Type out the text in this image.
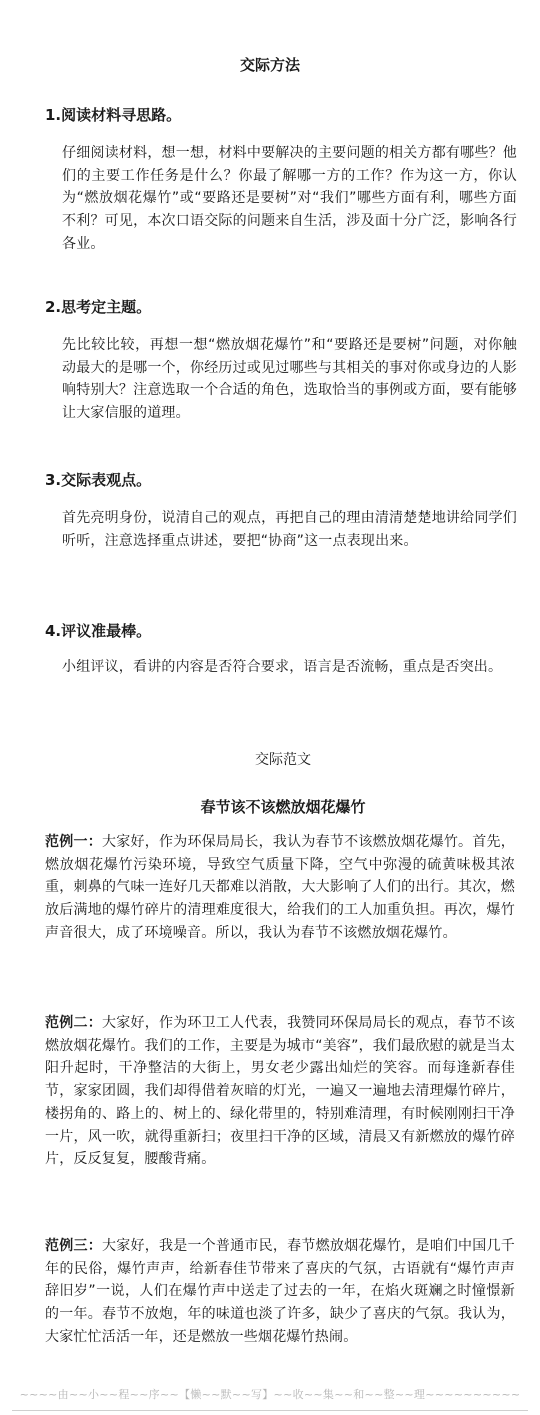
交际方法
1.阅读材料寻思路。

仔细阅读材料，想一想，材料中要解决的主要问题的相关方都有哪些？他们的主要工作任务是什么？你最了解哪一方的工作？作为这一方，你认为“燃放烟花爆竹”或“要路还是要树”对“我们”哪些方面有利，哪些方面不利？可见，本次口语交际的问题来自生活，涉及面十分广泛，影响各行各业。

2.思考定主题。

先比较比较，再想一想“燃放烟花爆竹”和“要路还是要树”问题，对你触动最大的是哪一个，你经历过或见过哪些与其相关的事对你或身边的人影响特别大？注意选取一个合适的角色，选取恰当的事例或方面，要有能够让大家信服的道理。

3.交际表观点。

首先亮明身份，说清自己的观点，再把自己的理由清清楚楚地讲给同学们听听，注意选择重点讲述，要把“协商”这一点表现出来。

4.评议准最棒。

小组评议，看讲的内容是否符合要求，语言是否流畅，重点是否突出。

交际范文
春节该不该燃放烟花爆竹

范例一：大家好，作为环保局局长，我认为春节不该燃放烟花爆竹。首先，燃放烟花爆竹污染环境，导致空气质量下降，空气中弥漫的硫黄味极其浓重，刺鼻的气味一连好几天都难以消散，大大影响了人们的出行。其次，燃放后满地的爆竹碎片的清理难度很大，给我们的工人加重负担。再次，爆竹声音很大，成了环境噪音。所以，我认为春节不该燃放烟花爆竹。

范例二：大家好，作为环卫工人代表，我赞同环保局局长的观点，春节不该燃放烟花爆竹。我们的工作，主要是为城市“美容”，我们最欣慰的就是当太阳升起时，干净整洁的大街上，男女老少露出灿烂的笑容。而每逢新春佳节，家家团圆，我们却得借着灰暗的灯光，一遍又一遍地去清理爆竹碎片，楼拐角的、路上的、树上的、绿化带里的，特别难清理，有时候刚刚扫干净一片，风一吹，就得重新扫；夜里扫干净的区域，清晨又有新燃放的爆竹碎片，反反复复，腰酸背痛。

范例三：大家好，我是一个普通市民，春节燃放烟花爆竹，是咱们中国几千年的民俗，爆竹声声，给新春佳节带来了喜庆的气氛，古语就有“爆竹声声辞旧岁”一说，人们在爆竹声中送走了过去的一年，在焰火斑斓之时憧憬新的一年。春节不放炮，年的味道也淡了许多，缺少了喜庆的气氛。我认为，大家忙忙活活一年，还是燃放一些烟花爆竹热闹。

~~~~由~~小~~程~~序~~【懒~~默~~写】~~收~~集~~和~~整~~理~~~~~~~~~~
